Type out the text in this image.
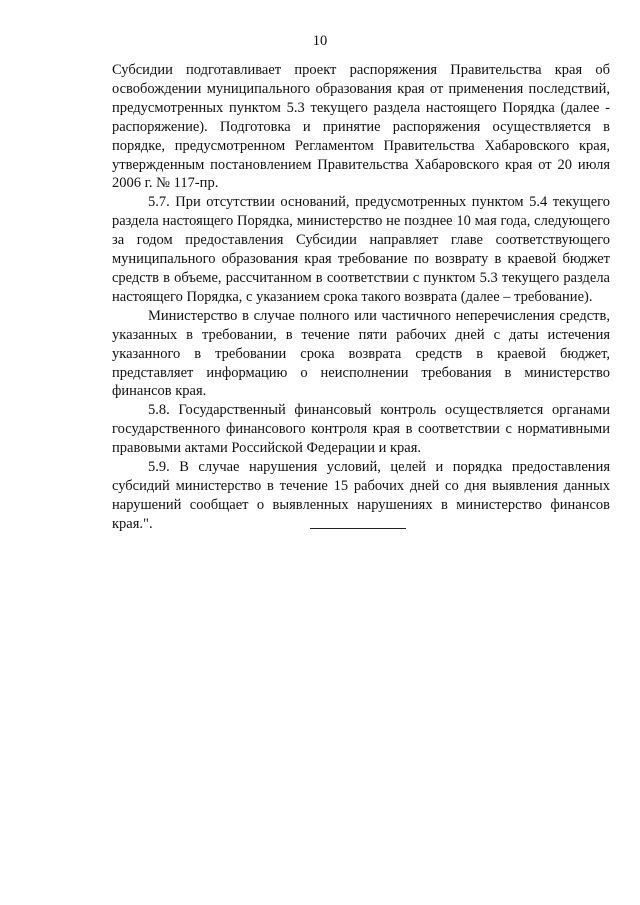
10

Субсидии подготавливает проект распоряжения Правительства края об освобождении муниципального образования края от применения последствий, предусмотренных пунктом 5.3 текущего раздела настоящего Порядка (далее - распоряжение). Подготовка и принятие распоряжения осуществляется в порядке, предусмотренном Регламентом Правительства Хабаровского края, утвержденным постановлением Правительства Хабаровского края от 20 июля 2006 г. № 117-пр.

5.7. При отсутствии оснований, предусмотренных пунктом 5.4 текущего раздела настоящего Порядка, министерство не позднее 10 мая года, следующего за годом предоставления Субсидии направляет главе соответствующего муниципального образования края требование по возврату в краевой бюджет средств в объеме, рассчитанном в соответствии с пунктом 5.3 текущего раздела настоящего Порядка, с указанием срока такого возврата (далее – требование).

Министерство в случае полного или частичного неперечисления средств, указанных в требовании, в течение пяти рабочих дней с даты истечения указанного в требовании срока возврата средств в краевой бюджет, представляет информацию о неисполнении требования в министерство финансов края.

5.8. Государственный финансовый контроль осуществляется органами государственного финансового контроля края в соответствии с нормативными правовыми актами Российской Федерации и края.

5.9. В случае нарушения условий, целей и порядка предоставления субсидий министерство в течение 15 рабочих дней со дня выявления данных нарушений сообщает о выявленных нарушениях в министерство финансов края.".
